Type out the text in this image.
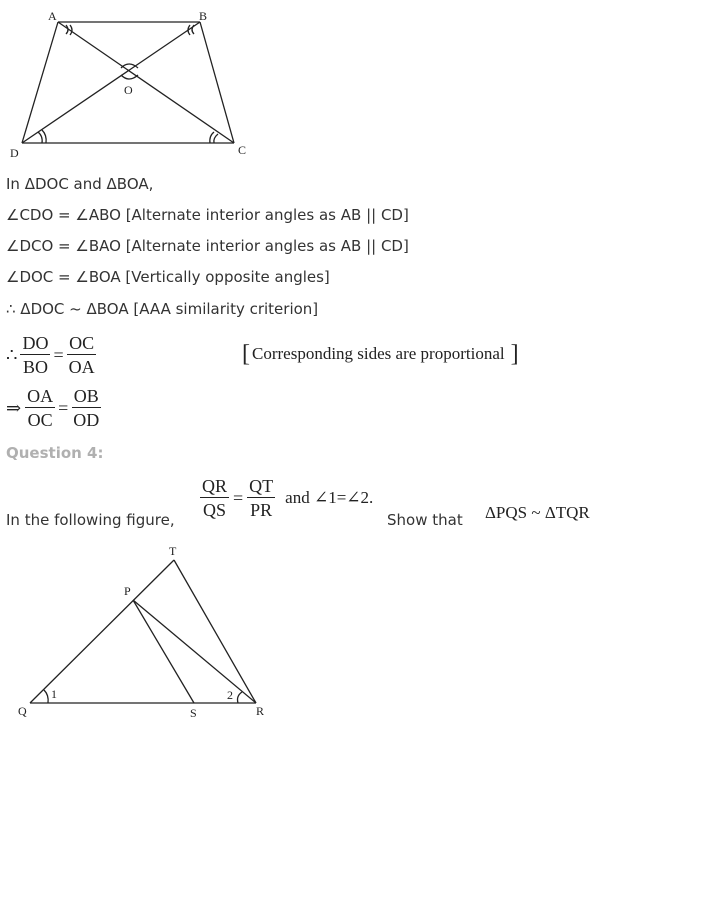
A	B
C
D
O
In ΔDOC and ΔBOA,
∠CDO = ∠ABO [Alternate interior angles as AB || CD]
∠DCO = ∠BAO [Alternate interior angles as AB || CD]
∠DOC = ∠BOA [Vertically opposite angles]
∴ ΔDOC ~ ΔBOA [AAA similarity criterion]
∴ $\frac{DO}{BO} = \frac{OC}{OA}$	[ Corresponding sides are proportional ]
⇒ $\frac{OA}{OC} = \frac{OB}{OD}$
Question 4:
In the following figure, $\frac{QR}{QS} = \frac{QT}{PR}$ and ∠1=∠2.
Show that ΔPQS ~ ΔTQR
T
P
Q	S	R
1	2
